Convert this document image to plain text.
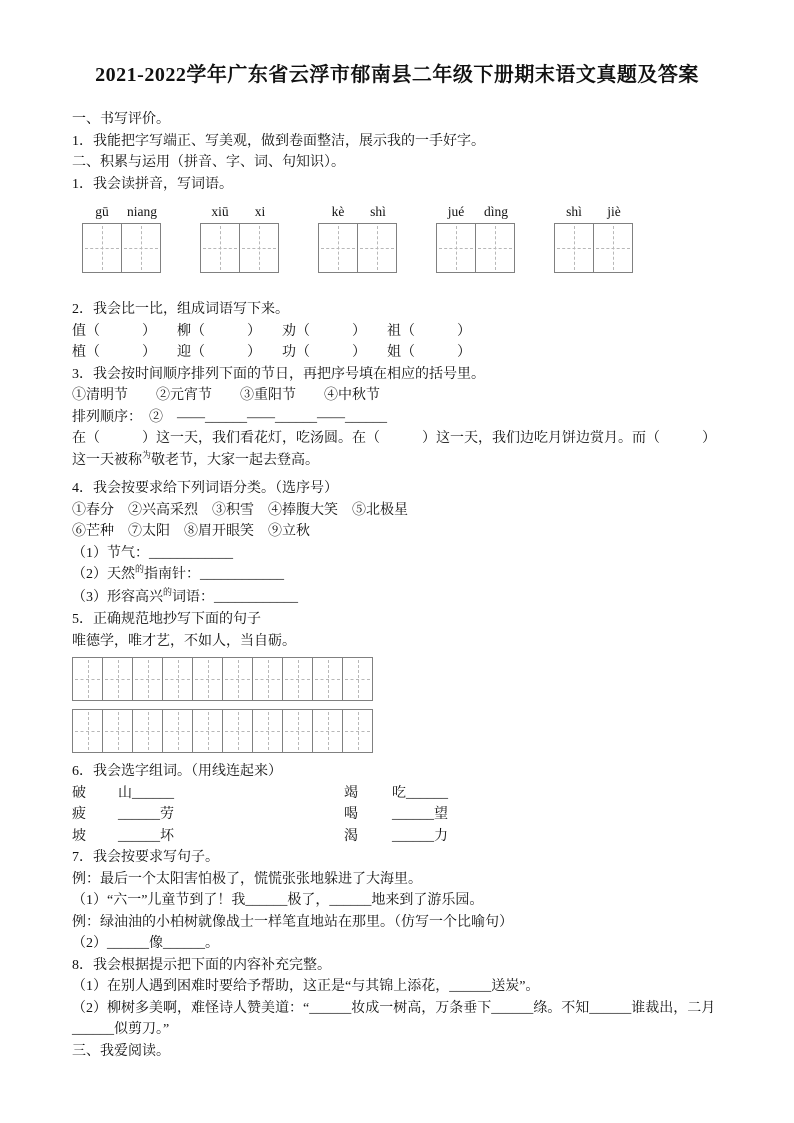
2021-2022学年广东省云浮市郁南县二年级下册期末语文真题及答案
一、书写评价。
1．我能把字写端正、写美观，做到卷面整洁，展示我的一手好字。
二、积累与运用（拼音、字、词、句知识）。
1．我会读拼音，写词语。
gū	niang	xiū	xi	kè	shì	jué	dìng	shì	jiè
2．我会比一比，组成词语写下来。
值（　　　）　　柳（　　　）　　劝（　　　）　　祖（　　　）
植（　　　）　　迎（　　　）　　功（　　　）　　姐（　　　）
3．我会按时间顺序排列下面的节日，再把序号填在相应的括号里。
①清明节　　②元宵节　　③重阳节　　④中秋节
排列顺序：　②　——______——______——______
在（　　　）这一天，我们看花灯，吃汤圆。在（　　　）这一天，我们边吃月饼边赏月。而（　　　）
这一天被称$^为$敬老节，大家一起去登高。
4．我会按要求给下列词语分类。（选序号）
①春分　②兴高采烈　③积雪　④捧腹大笑　⑤北极星
⑥芒种　⑦太阳　⑧眉开眼笑　⑨立秋
（1）节气：____________
（2）天然$^的$指南针：____________
（3）形容高兴$^的$词语：____________
5．正确规范地抄写下面的句子
唯德学，唯才艺，不如人，当自砺。
6．我会选字组词。（用线连起来）
破	山______	竭	吃______
疲	______劳	喝	______望
坡	______坏	渴	______力
7．我会按要求写句子。
例：最后一个太阳害怕极了，慌慌张张地躲进了大海里。
（1）“六一”儿童节到了！我______极了，______地来到了游乐园。
例：绿油油的小柏树就像战士一样笔直地站在那里。（仿写一个比喻句）
（2）______像______。
8．我会根据提示把下面的内容补充完整。
（1）在别人遇到困难时要给予帮助，这正是“与其锦上添花，______送炭”。
（2）柳树多美啊，难怪诗人赞美道：“______妆成一树高，万条垂下______绦。不知______谁裁出，二月______似剪刀。”
三、我爱阅读。
